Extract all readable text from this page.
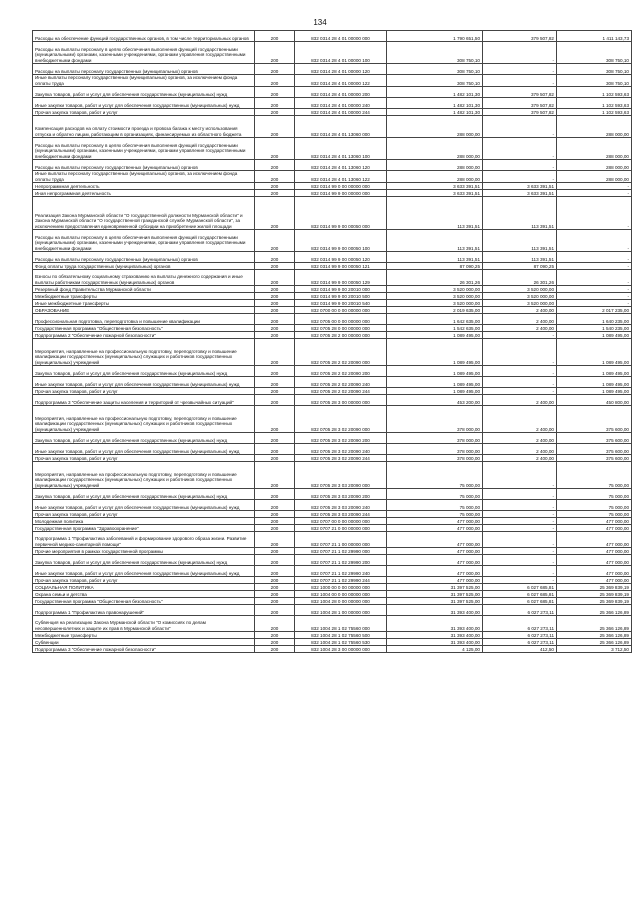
134
Расходы на обеспечение функций государственных органов, в том числе территориальных органов	200	832 0314 28 4 01 00000 000	1 790 651,50	379 507,82	1 411 143,73
Расходы на выплаты персоналу в целях обеспечения выполнения функций государственными (муниципальными) органами, казенными учреждениями, органами управления государственными внебюджетными фондами	200	832 0314 28 4 01 00000 100	308 750,10	-	308 750,10
Расходы на выплаты персоналу государственных (муниципальных) органов	200	832 0314 28 4 01 00000 120	308 750,10	-	308 750,10
Иные выплаты персоналу государственных (муниципальных) органов, за исключением фонда оплаты труда	200	832 0314 28 4 01 00000 122	308 750,10	-	308 750,10
Закупка товаров, работ и услуг для обеспечения государственных (муниципальных) нужд	200	832 0314 28 4 01 00000 200	1 482 101,30	379 507,82	1 102 593,63
Иные закупки товаров, работ и услуг для обеспечения государственных (муниципальных) нужд	200	832 0314 28 4 01 00000 240	1 482 101,30	379 507,82	1 102 593,63
Прочая закупка товаров, работ и услуг	200	832 0314 28 4 01 00000 244	1 482 101,30	379 507,82	1 102 593,63
Компенсация расходов на оплату стоимости проезда и провоза багажа к месту использования отпуска и обратно лицам, работающим в организациях, финансируемых из областного бюджета	200	832 0314 28 4 01 13060 000	288 000,00	-	288 000,00
Расходы на выплаты персоналу в целях обеспечения выполнения функций государственными (муниципальными) органами, казенными учреждениями, органами управления государственными внебюджетными фондами	200	832 0314 28 4 01 13060 100	288 000,00	-	288 000,00
Расходы на выплаты персоналу государственных (муниципальных) органов	200	832 0314 28 4 01 13060 120	288 000,00	-	288 000,00
Иные выплаты персоналу государственных (муниципальных) органов, за исключением фонда оплаты труда	200	832 0314 28 4 01 13060 122	288 000,00	-	288 000,00
Непрограммная деятельность	200	832 0314 99 0 00 00000 000	3 633 391,51	3 633 391,51	-
Иная непрограммная деятельность	200	832 0314 99 9 00 00000 000	3 633 391,51	3 633 391,51	-
Реализация Закона Мурманской области "О государственной должности Мурманской области" и Закона Мурманской области "О государственной гражданской службе Мурманской области", за исключением предоставления единовременной субсидии на приобретение жилой площади	200	832 0314 99 9 00 00050 000	113 391,51	113 391,51	-
Расходы на выплаты персоналу в целях обеспечения выполнения функций государственными (муниципальными) органами, казенными учреждениями, органами управления государственными внебюджетными фондами	200	832 0314 99 9 00 00050 100	113 391,51	113 391,51	-
Расходы на выплаты персоналу государственных (муниципальных) органов	200	832 0314 99 9 00 00050 120	113 391,51	113 391,51	-
Фонд оплаты труда государственных (муниципальных) органов	200	832 0314 99 9 00 00050 121	87 090,25	87 090,25	-
Взносы по обязательному социальному страхованию на выплаты денежного содержания и иные выплаты работникам государственных (муниципальных) органов	200	832 0314 99 9 00 00050 129	26 301,26	26 301,26	-
Резервный фонд Правительства Мурманской области	200	832 0314 99 9 00 20010 000	3 520 000,00	3 520 000,00	-
Межбюджетные трансферты	200	832 0314 99 9 00 20010 500	3 520 000,00	3 520 000,00	-
Иные межбюджетные трансферты	200	832 0314 99 9 00 20010 540	3 520 000,00	3 520 000,00	-
ОБРАЗОВАНИЕ	200	832 0700 00 0 00 00000 000	2 019 635,00	2 400,00	2 017 235,00
Профессиональная подготовка, переподготовка и повышение квалификации	200	832 0705 00 0 00 00000 000	1 642 635,00	2 400,00	1 640 235,00
Государственная программа "Общественная безопасность"	200	832 0705 28 0 00 00000 000	1 542 635,00	2 400,00	1 540 235,00
Подпрограмма 2 "Обеспечение пожарной безопасности"	200	832 0705 28 2 00 00000 000	1 089 495,00	-	1 089 495,00
Мероприятия, направленные на профессиональную подготовку, переподготовку и повышение квалификации государственных (муниципальных) служащих и работников государственных (муниципальных) учреждений	200	832 0705 28 2 02 20090 000	1 089 495,00	-	1 089 495,00
Закупка товаров, работ и услуг для обеспечения государственных (муниципальных) нужд	200	832 0705 28 2 02 20090 200	1 089 495,00	-	1 089 495,00
Иные закупки товаров, работ и услуг для обеспечения государственных (муниципальных) нужд	200	832 0705 28 2 02 20090 240	1 089 495,00	-	1 089 495,00
Прочая закупка товаров, работ и услуг	200	832 0705 28 2 02 20090 244	1 089 495,00	-	1 089 495,00
Подпрограмма 3 "Обеспечение защиты населения и территорий от чрезвычайных ситуаций"	200	832 0705 28 3 00 00000 000	453 200,00	2 400,00	450 800,00
Мероприятия, направленные на профессиональную подготовку, переподготовку и повышение квалификации государственных (муниципальных) служащих и работников государственных (муниципальных) учреждений	200	832 0705 28 3 02 20090 000	378 000,00	2 400,00	375 600,00
Закупка товаров, работ и услуг для обеспечения государственных (муниципальных) нужд	200	832 0705 28 3 02 20090 200	378 000,00	2 400,00	375 600,00
Иные закупки товаров, работ и услуг для обеспечения государственных (муниципальных) нужд	200	832 0705 28 3 02 20090 240	378 000,00	2 400,00	375 600,00
Прочая закупка товаров, работ и услуг	200	832 0705 28 3 02 20090 244	378 000,00	2 400,00	375 600,00
Мероприятия, направленные на профессиональную подготовку, переподготовку и повышение квалификации государственных (муниципальных) служащих и работников государственных (муниципальных) учреждений	200	832 0705 28 3 03 20090 000	75 000,00	-	75 000,00
Закупка товаров, работ и услуг для обеспечения государственных (муниципальных) нужд	200	832 0705 28 3 03 20090 200	75 000,00	-	75 000,00
Иные закупки товаров, работ и услуг для обеспечения государственных (муниципальных) нужд	200	832 0705 28 3 03 20090 240	75 000,00	-	75 000,00
Прочая закупка товаров, работ и услуг	200	832 0705 28 3 03 20090 244	75 000,00	-	75 000,00
Молодежная политика	200	832 0707 00 0 00 00000 000	477 000,00	-	477 000,00
Государственная программа "Здравоохранение"	200	832 0707 21 0 00 00000 000	477 000,00	-	477 000,00
Подпрограмма 1 "Профилактика заболеваний и формирование здорового образа жизни. Развитие первичной медико-санитарной помощи"	200	832 0707 21 1 00 00000 000	477 000,00	-	477 000,00
Прочие мероприятия в рамках государственной программы	200	832 0707 21 1 02 29990 000	477 000,00	-	477 000,00
Закупка товаров, работ и услуг для обеспечения государственных (муниципальных) нужд	200	832 0707 21 1 02 29990 200	477 000,00	-	477 000,00
Иные закупки товаров, работ и услуг для обеспечения государственных (муниципальных) нужд	200	832 0707 21 1 02 29990 240	477 000,00	-	477 000,00
Прочая закупка товаров, работ и услуг	200	832 0707 21 1 02 29990 244	477 000,00	-	477 000,00
СОЦИАЛЬНАЯ ПОЛИТИКА	200	832 1000 00 0 00 00000 000	31 397 525,00	6 027 685,81	25 369 839,19
Охрана семьи и детства	200	832 1004 00 0 00 00000 000	31 397 525,00	6 027 685,81	25 369 839,19
Государственная программа "Общественная безопасность"	200	832 1004 28 0 00 00000 000	31 397 525,00	6 027 685,81	25 369 839,19
Подпрограмма 1 "Профилактика правонарушений"	200	832 1004 28 1 00 00000 000	31 393 400,00	6 027 273,11	25 366 126,89
Субвенция на реализацию Закона Мурманской области "О комиссиях по делам несовершеннолетних и защите их прав в Мурманской области"	200	832 1004 28 1 02 75560 000	31 393 400,00	6 027 273,11	25 366 126,89
Межбюджетные трансферты	200	832 1004 28 1 02 75560 500	31 393 400,00	6 027 273,11	25 366 126,89
Субвенции	200	832 1004 28 1 02 75560 530	31 393 400,00	6 027 273,11	25 366 126,89
Подпрограмма 3 "Обеспечение пожарной безопасности"	200	832 1004 28 3 00 00000 000	4 125,00	412,50	3 712,50
